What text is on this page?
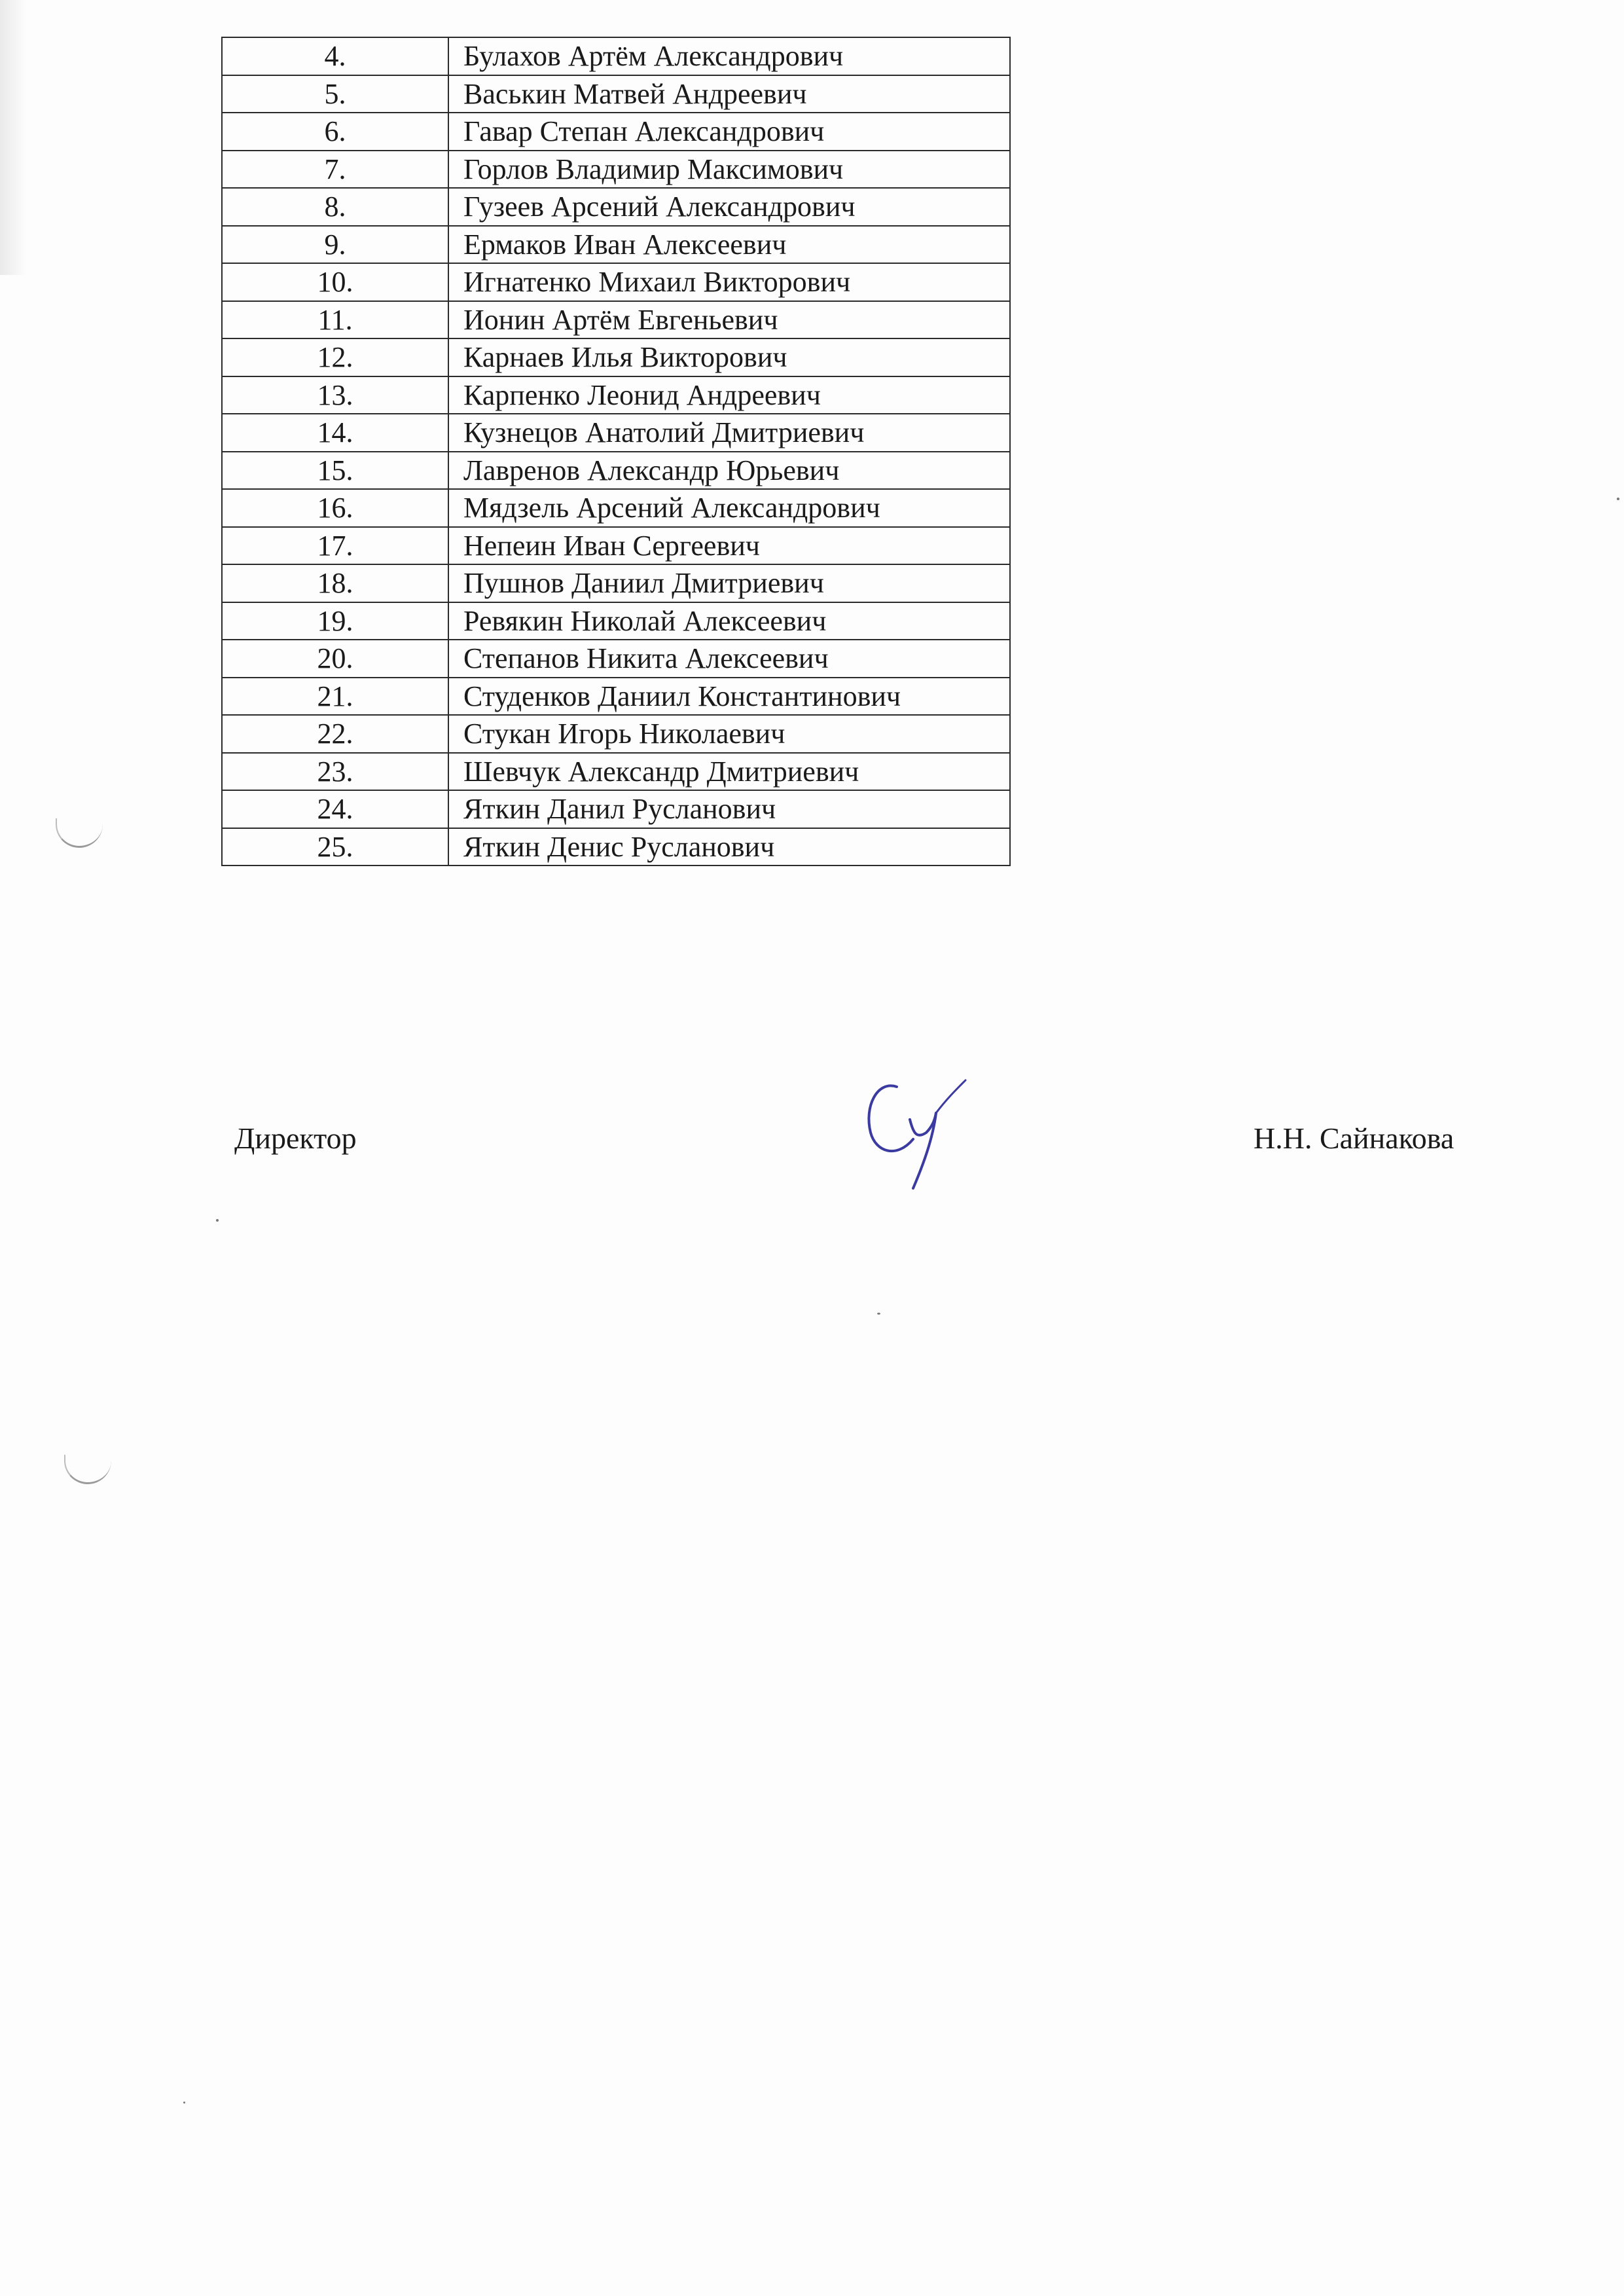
4.	Булахов Артём Александрович
5.	Васькин Матвей Андреевич
6.	Гавар Степан Александрович
7.	Горлов Владимир Максимович
8.	Гузеев Арсений Александрович
9.	Ермаков Иван Алексеевич
10.	Игнатенко Михаил Викторович
11.	Ионин Артём Евгеньевич
12.	Карнаев Илья Викторович
13.	Карпенко Леонид Андреевич
14.	Кузнецов Анатолий Дмитриевич
15.	Лавренов Александр Юрьевич
16.	Мядзель Арсений Александрович
17.	Непеин Иван Сергеевич
18.	Пушнов Даниил Дмитриевич
19.	Ревякин Николай Алексеевич
20.	Степанов Никита Алексеевич
21.	Студенков Даниил Константинович
22.	Стукан Игорь Николаевич
23.	Шевчук Александр Дмитриевич
24.	Яткин Данил Русланович
25.	Яткин Денис Русланович
Директор	Н.Н. Сайнакова
